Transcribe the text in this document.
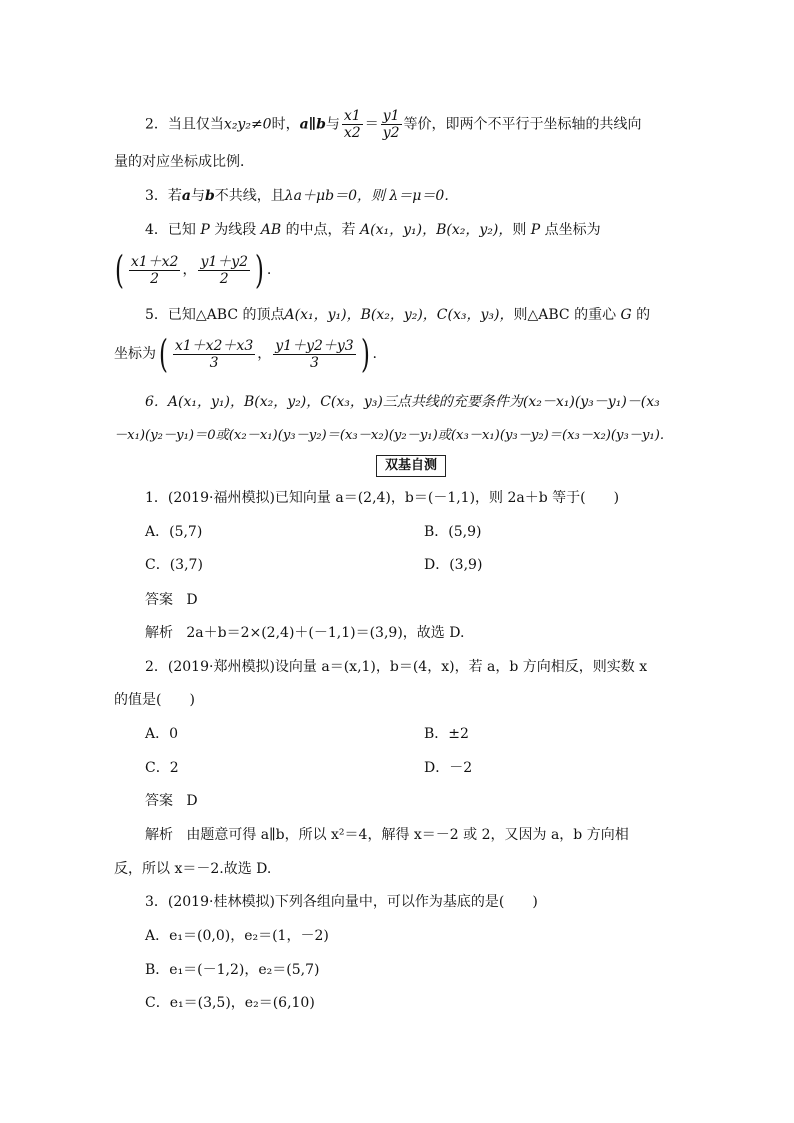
2．当且仅当x₂y₂≠0时，a∥b与 $\frac{x1}{x2} = \frac{y1}{y2}$ 等价，即两个不平行于坐标轴的共线向
量的对应坐标成比例．
3．若a与b不共线，且λa＋μb＝0，则 λ＝μ＝0.
4．已知 P 为线段 AB 的中点，若 A(x₁，y₁)，B(x₂，y₂)，则 P 点坐标为
( $\frac{x1+x2}{2}$ ， $\frac{y1+y2}{2}$ ) .
5．已知△ABC 的顶点A(x₁，y₁)，B(x₂，y₂)，C(x₃，y₃)，则△ABC 的重心 G 的
坐标为( $\frac{x1+x2+x3}{3}$ ， $\frac{y1+y2+y3}{3}$ ) .
6．A(x₁，y₁)，B(x₂，y₂)，C(x₃，y₃)三点共线的充要条件为(x₂－x₁)(y₃－y₁)－(x₃
－x₁)(y₂－y₁)＝0或(x₂－x₁)(y₃－y₂)＝(x₃－x₂)(y₂－y₁)或(x₃－x₁)(y₃－y₂)＝(x₃－x₂)(y₃－y₁).
双基自测
1．(2019·福州模拟)已知向量 a＝(2,4)，b＝(－1,1)，则 2a＋b 等于(　　)
A．(5,7)	B．(5,9)
C．(3,7)	D．(3,9)
答案 D
解析 2a＋b＝2×(2,4)＋(－1,1)＝(3,9)，故选 D.
2．(2019·郑州模拟)设向量 a＝(x,1)，b＝(4，x)，若 a，b 方向相反，则实数 x
的值是(　　)
A．0	B．±2
C．2	D．－2
答案 D
解析 由题意可得 a∥b，所以 x²＝4，解得 x＝－2 或 2，又因为 a，b 方向相
反，所以 x＝－2.故选 D.
3．(2019·桂林模拟)下列各组向量中，可以作为基底的是(　　)
A．e₁＝(0,0)，e₂＝(1，－2)
B．e₁＝(－1,2)，e₂＝(5,7)
C．e₁＝(3,5)，e₂＝(6,10)
